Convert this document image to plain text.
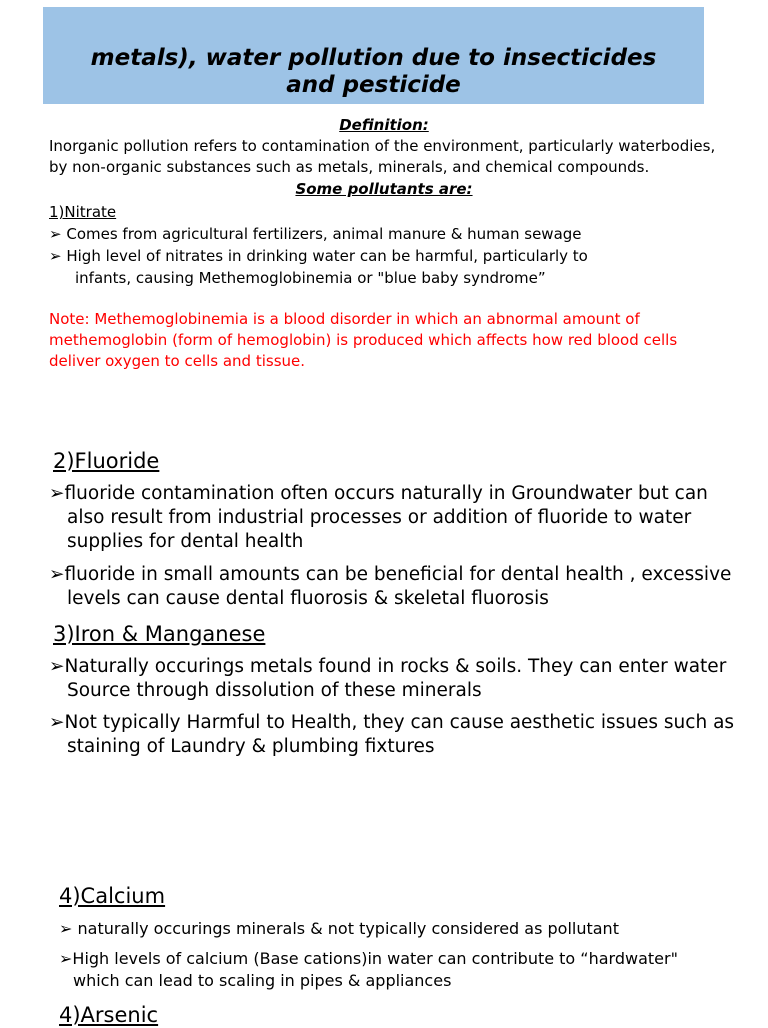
metals), water pollution due to insecticides
and pesticide
Definition:
Inorganic pollution refers to contamination of the environment, particularly waterbodies,
by non-organic substances such as metals, minerals, and chemical compounds.
Some pollutants are:
1)Nitrate
➢ Comes from agricultural fertilizers, animal manure & human sewage
➢ High level of nitrates in drinking water can be harmful, particularly to
infants, causing Methemoglobinemia or "blue baby syndrome”
Note: Methemoglobinemia is a blood disorder in which an abnormal amount of
methemoglobin (form of hemoglobin) is produced which affects how red blood cells
deliver oxygen to cells and tissue.
2)Fluoride
➢fluoride contamination often occurs naturally in Groundwater but can
also result from industrial processes or addition of fluoride to water
supplies for dental health
➢fluoride in small amounts can be beneficial for dental health , excessive
levels can cause dental fluorosis & skeletal fluorosis
3)Iron & Manganese
➢Naturally occurings metals found in rocks & soils. They can enter water
Source through dissolution of these minerals
➢Not typically Harmful to Health, they can cause aesthetic issues such as
staining of Laundry & plumbing fixtures
4)Calcium
➢ naturally occurings minerals & not typically considered as pollutant
➢High levels of calcium (Base cations)in water can contribute to “hardwater"
which can lead to scaling in pipes & appliances
4)Arsenic
